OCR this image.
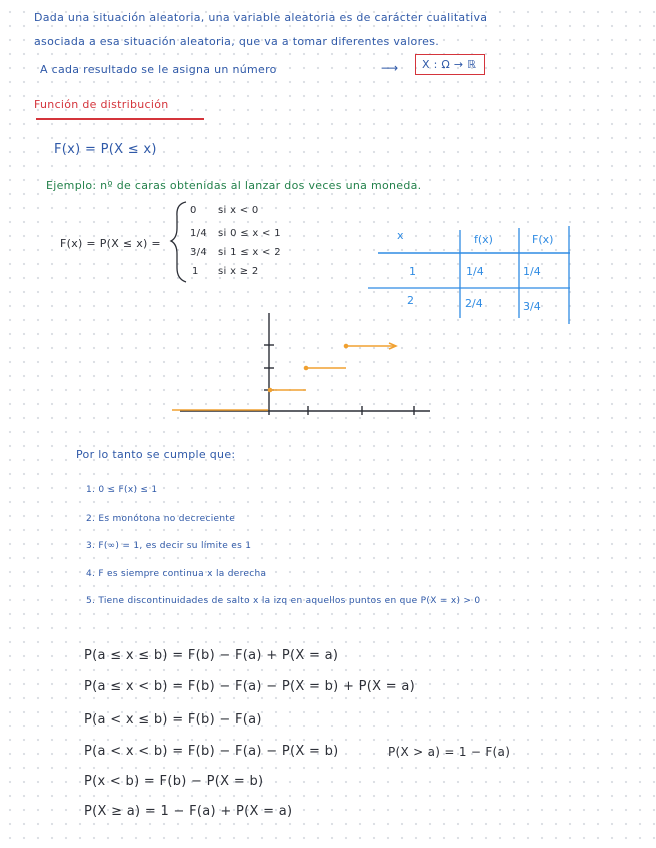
Dada una situación aleatoria, una variable aleatoria es de carácter cualitativa
asociada a esa situación aleatoria, que va a tomar diferentes valores.
A cada resultado se le asigna un número	⟶	X : Ω → ℝ
Función de distribución
F(x) = P(X ≤ x)
Ejemplo: nº de caras obtenidas al lanzar dos veces una moneda.
F(x) = P(X ≤ x) =
0 si x < 0
1/4 si 0 ≤ x < 1
3/4 si 1 ≤ x < 2
1 si x ≥ 2
x	f(x)	F(x)
1	1/4	1/4
2	2/4	3/4
Por lo tanto se cumple que:
1. 0 ≤ F(x) ≤ 1
2. Es monótona no decreciente
3. F(∞) = 1, es decir su límite es 1
4. F es siempre continua x la derecha
5. Tiene discontinuidades de salto x la izq en aquellos puntos en que P(X = x) > 0
P(a ≤ x ≤ b) = F(b) − F(a) + P(X = a)
P(a ≤ x < b) = F(b) − F(a) − P(X = b) + P(X = a)
P(a < x ≤ b) = F(b) − F(a)
P(a < x < b) = F(b) − F(a) − P(X = b)
P(x < b) = F(b) − P(X = b)
P(X ≥ a) = 1 − F(a) + P(X = a)
P(X > a) = 1 − F(a)
